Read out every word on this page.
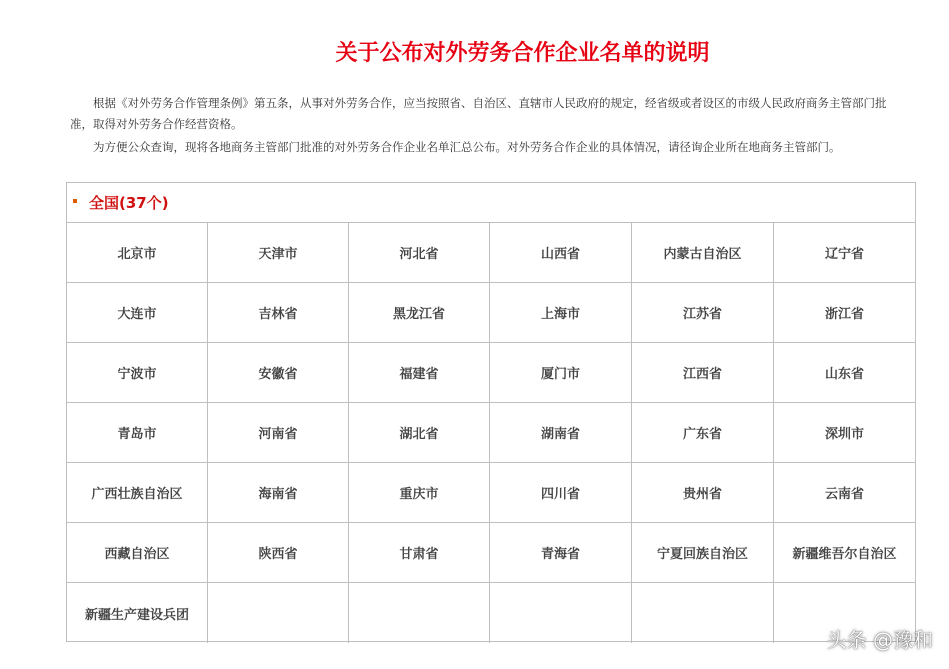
关于公布对外劳务合作企业名单的说明

根据《对外劳务合作管理条例》第五条，从事对外劳务合作，应当按照省、自治区、直辖市人民政府的规定，经省级或者设区的市级人民政府商务主管部门批准，取得对外劳务合作经营资格。

为方便公众查询，现将各地商务主管部门批准的对外劳务合作企业名单汇总公布。对外劳务合作企业的具体情况，请径询企业所在地商务主管部门。

全国(37个)
北京市	天津市	河北省	山西省	内蒙古自治区	辽宁省
大连市	吉林省	黑龙江省	上海市	江苏省	浙江省
宁波市	安徽省	福建省	厦门市	江西省	山东省
青岛市	河南省	湖北省	湖南省	广东省	深圳市
广西壮族自治区	海南省	重庆市	四川省	贵州省	云南省
西藏自治区	陕西省	甘肃省	青海省	宁夏回族自治区	新疆维吾尔自治区
新疆生产建设兵团
头条 @豫和
